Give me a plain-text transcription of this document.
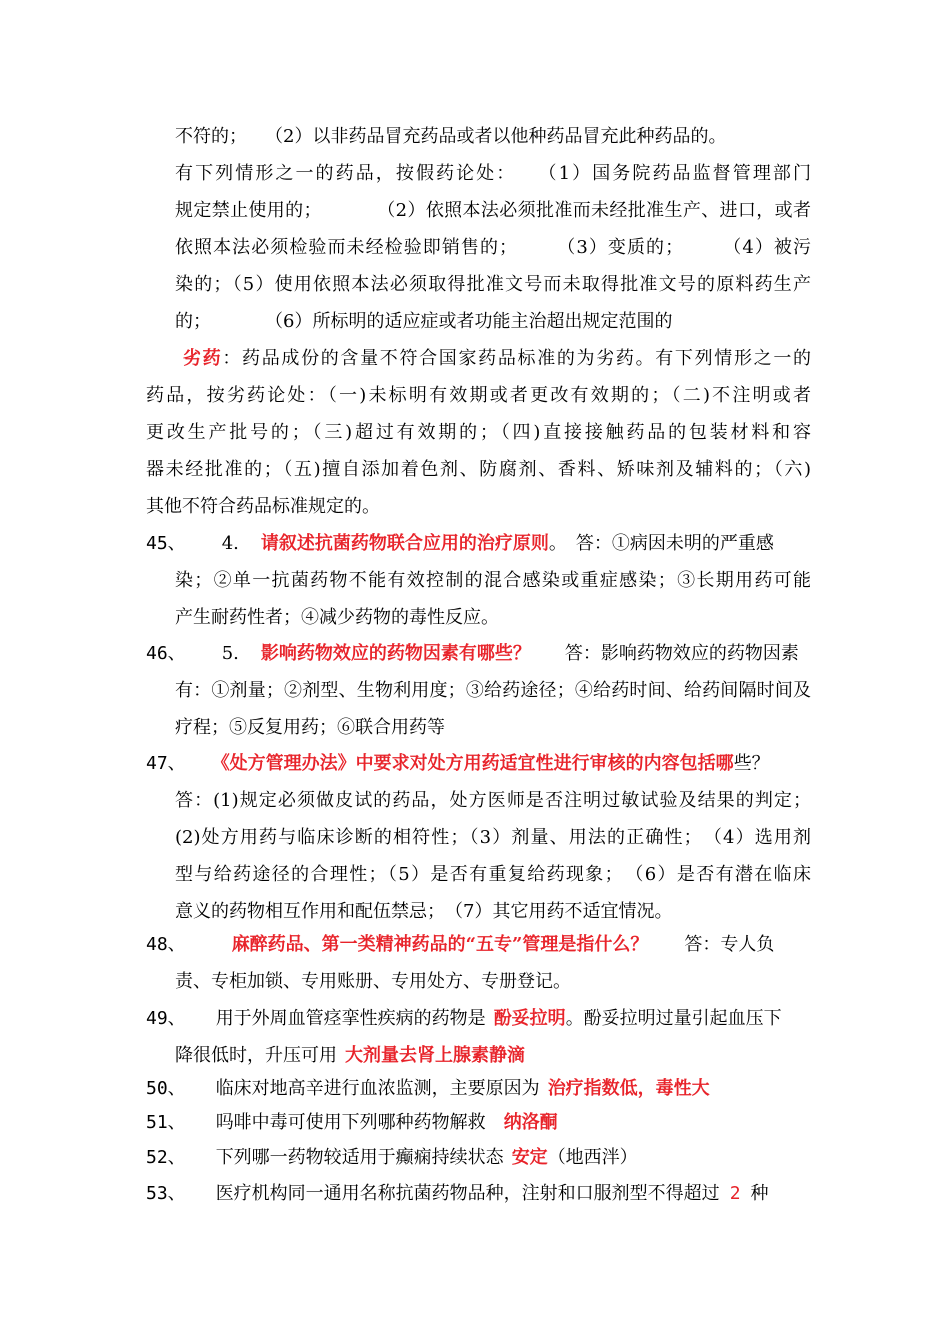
不符的；　　（2）以非药品冒充药品或者以他种药品冒充此种药品的。
有下列情形之一的药品，按假药论处：　　（1）国务院药品监督管理部门
规定禁止使用的；　　　　（2）依照本法必须批准而未经批准生产、进口，或者
依照本法必须检验而未经检验即销售的；　　　（3）变质的；　　　（4）被污
染的；（5）使用依照本法必须取得批准文号而未取得批准文号的原料药生产
的；　　　　（6）所标明的适应症或者功能主治超出规定范围的
劣药：药品成份的含量不符合国家药品标准的为劣药。有下列情形之一的
药品，按劣药论处：（一)未标明有效期或者更改有效期的；（二)不注明或者
更改生产批号的；（三)超过有效期的；（四)直接接触药品的包装材料和容
器未经批准的；（五)擅自添加着色剂、防腐剂、香料、矫味剂及辅料的；（六)
其他不符合药品标准规定的。
45、 4. 请叙述抗菌药物联合应用的治疗原则。　答：①病因未明的严重感
染；②单一抗菌药物不能有效控制的混合感染或重症感染；③长期用药可能
产生耐药性者；④减少药物的毒性反应。
46、 5. 影响药物效应的药物因素有哪些？ 答：影响药物效应的药物因素
有：①剂量；②剂型、生物利用度；③给药途径；④给药时间、给药间隔时间及
疗程；⑤反复用药；⑥联合用药等
47、 《处方管理办法》中要求对处方用药适宜性进行审核的内容包括哪些？
答：(1)规定必须做皮试的药品，处方医师是否注明过敏试验及结果的判定；
(2)处方用药与临床诊断的相符性；（3）剂量、用法的正确性；　（4）选用剂
型与给药途径的合理性；（5）是否有重复给药现象；　（6）是否有潜在临床
意义的药物相互作用和配伍禁忌；　（7）其它用药不适宜情况。
48、	麻醉药品、第一类精神药品的“五专”管理是指什么？ 答：专人负
责、专柜加锁、专用账册、专用处方、专册登记。
49、 用于外周血管痉挛性疾病的药物是 酚妥拉明。酚妥拉明过量引起血压下
降很低时，升压可用 大剂量去肾上腺素静滴
50、 临床对地高辛进行血浓监测，主要原因为 治疗指数低，毒性大
51、 吗啡中毒可使用下列哪种药物解救 纳洛酮
52、 下列哪一药物较适用于癫痫持续状态 安定（地西泮）
53、 医疗机构同一通用名称抗菌药物品种，注射和口服剂型不得超过 2 种
